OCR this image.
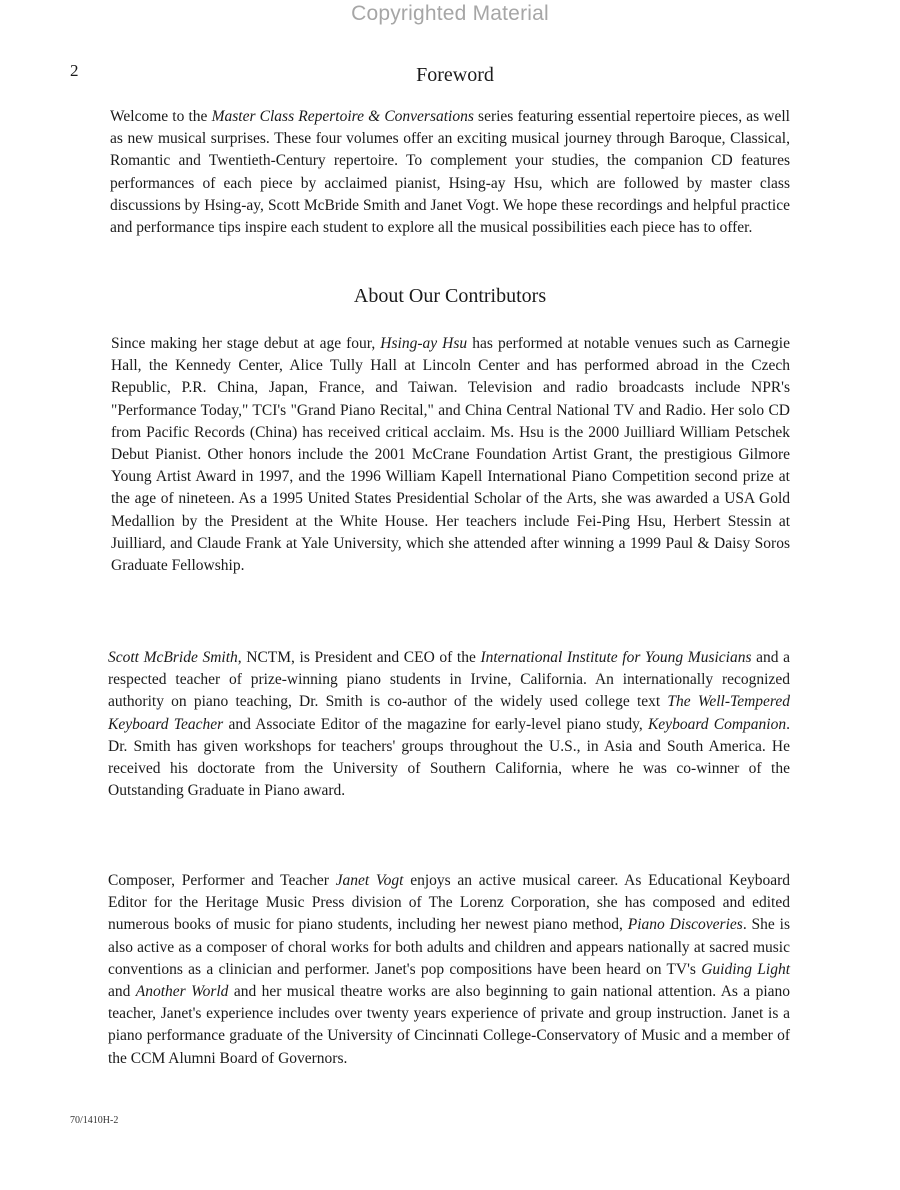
Copyrighted Material
2	Foreword
Welcome to the Master Class Repertoire & Conversations series featuring essential repertoire pieces, as well as new musical surprises. These four volumes offer an exciting musical journey through Baroque, Classical, Romantic and Twentieth-Century repertoire. To complement your studies, the companion CD features performances of each piece by acclaimed pianist, Hsing-ay Hsu, which are followed by master class discussions by Hsing-ay, Scott McBride Smith and Janet Vogt. We hope these recordings and helpful practice and performance tips inspire each student to explore all the musical possibilities each piece has to offer.
About Our Contributors
Since making her stage debut at age four, Hsing-ay Hsu has performed at notable venues such as Carnegie Hall, the Kennedy Center, Alice Tully Hall at Lincoln Center and has performed abroad in the Czech Republic, P.R. China, Japan, France, and Taiwan. Television and radio broadcasts include NPR's "Performance Today," TCI's "Grand Piano Recital," and China Central National TV and Radio. Her solo CD from Pacific Records (China) has received critical acclaim. Ms. Hsu is the 2000 Juilliard William Petschek Debut Pianist. Other honors include the 2001 McCrane Foundation Artist Grant, the prestigious Gilmore Young Artist Award in 1997, and the 1996 William Kapell International Piano Competition second prize at the age of nineteen. As a 1995 United States Presidential Scholar of the Arts, she was awarded a USA Gold Medallion by the President at the White House. Her teachers include Fei-Ping Hsu, Herbert Stessin at Juilliard, and Claude Frank at Yale University, which she attended after winning a 1999 Paul & Daisy Soros Graduate Fellowship.
Scott McBride Smith, NCTM, is President and CEO of the International Institute for Young Musicians and a respected teacher of prize-winning piano students in Irvine, California. An internationally recognized authority on piano teaching, Dr. Smith is co-author of the widely used college text The Well-Tempered Keyboard Teacher and Associate Editor of the magazine for early-level piano study, Keyboard Companion. Dr. Smith has given workshops for teachers' groups throughout the U.S., in Asia and South America. He received his doctorate from the University of Southern California, where he was co-winner of the Outstanding Graduate in Piano award.
Composer, Performer and Teacher Janet Vogt enjoys an active musical career. As Educational Keyboard Editor for the Heritage Music Press division of The Lorenz Corporation, she has composed and edited numerous books of music for piano students, including her newest piano method, Piano Discoveries. She is also active as a composer of choral works for both adults and children and appears nationally at sacred music conventions as a clinician and performer. Janet's pop compositions have been heard on TV's Guiding Light and Another World and her musical theatre works are also beginning to gain national attention. As a piano teacher, Janet's experience includes over twenty years experience of private and group instruction. Janet is a piano performance graduate of the University of Cincinnati College-Conservatory of Music and a member of the CCM Alumni Board of Governors.
70/1410H-2
